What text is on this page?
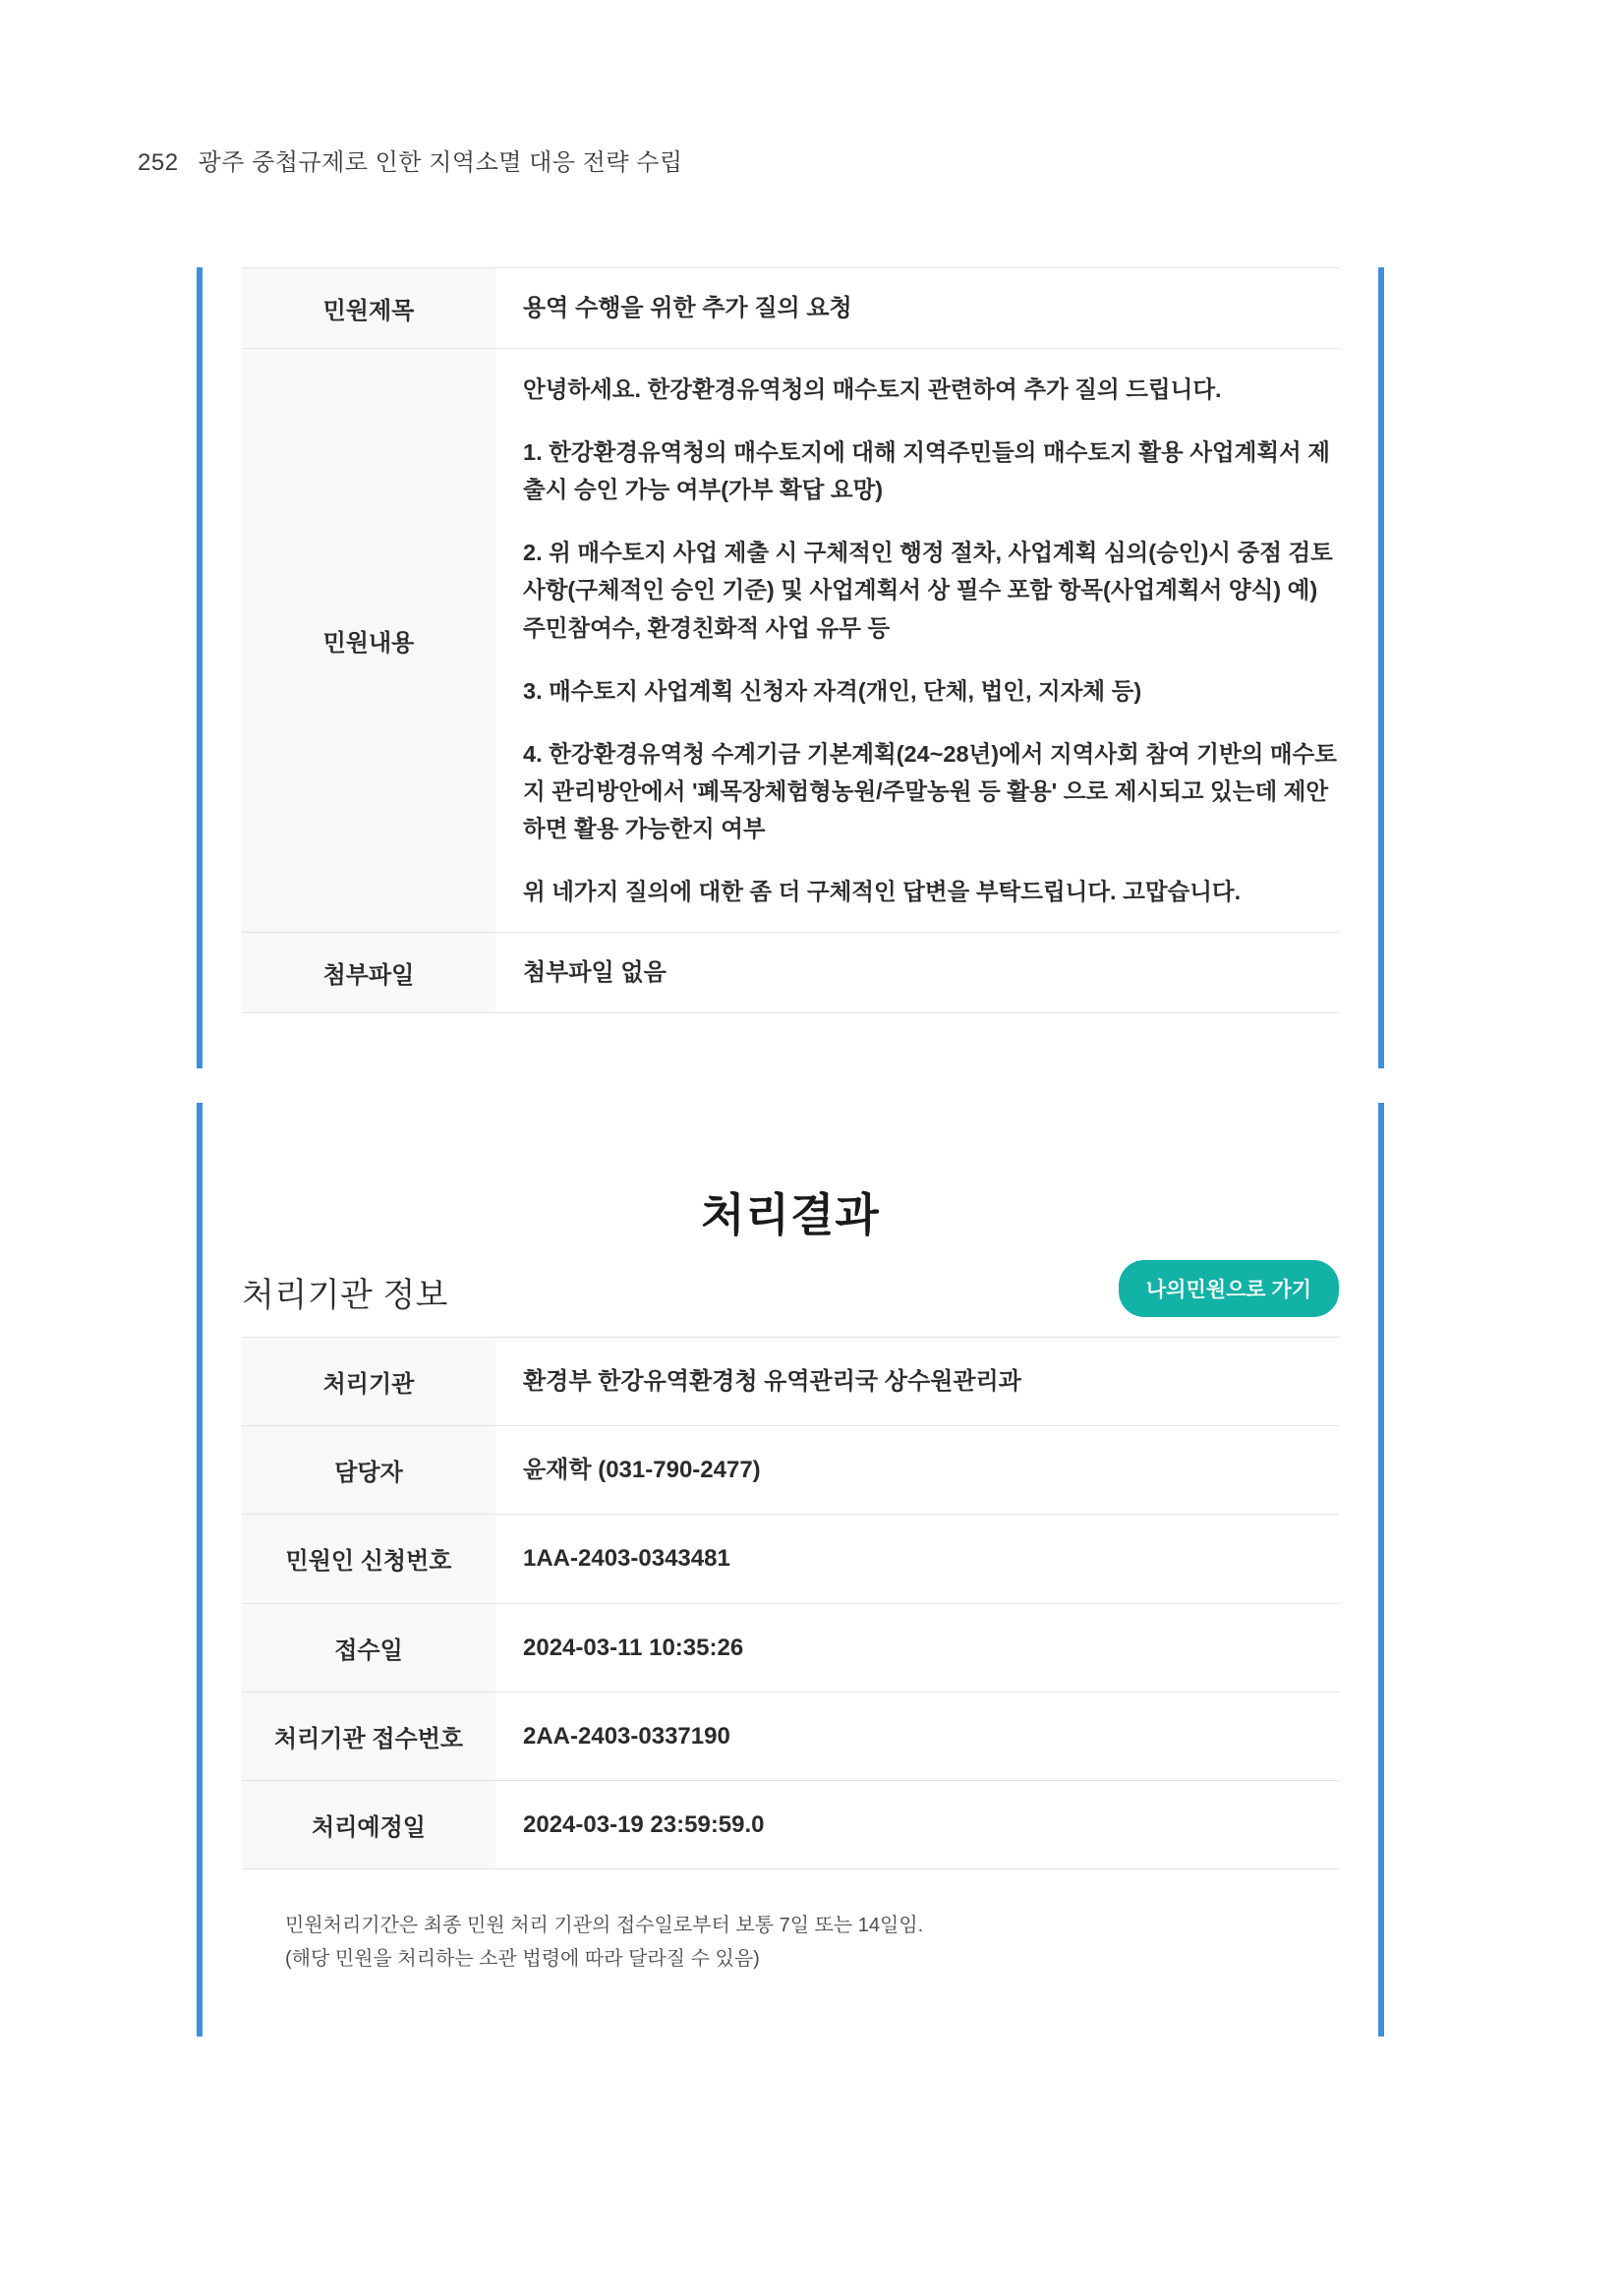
252 광주 중첩규제로 인한 지역소멸 대응 전략 수립
민원제목	용역 수행을 위한 추가 질의 요청
민원내용

안녕하세요. 한강환경유역청의 매수토지 관련하여 추가 질의 드립니다.

1. 한강환경유역청의 매수토지에 대해 지역주민들의 매수토지 활용 사업계획서 제출시 승인 가능 여부(가부 확답 요망)

2. 위 매수토지 사업 제출 시 구체적인 행정 절차, 사업계획 심의(승인)시 중점 검토사항(구체적인 승인 기준) 및 사업계획서 상 필수 포함 항목(사업계획서 양식) 예) 주민참여수, 환경친화적 사업 유무 등

3. 매수토지 사업계획 신청자 자격(개인, 단체, 법인, 지자체 등)

4. 한강환경유역청 수계기금 기본계획(24~28년)에서 지역사회 참여 기반의 매수토지 관리방안에서 '폐목장체험형농원/주말농원 등 활용' 으로 제시되고 있는데 제안하면 활용 가능한지 여부

위 네가지 질의에 대한 좀 더 구체적인 답변을 부탁드립니다. 고맙습니다.

첨부파일	첨부파일 없음
처리결과
처리기관 정보	나의민원으로 가기
처리기관	환경부 한강유역환경청 유역관리국 상수원관리과
담당자	윤재학 (031-790-2477)
민원인 신청번호	1AA-2403-0343481
접수일	2024-03-11 10:35:26
처리기관 접수번호	2AA-2403-0337190
처리예정일	2024-03-19 23:59:59.0
민원처리기간은 최종 민원 처리 기관의 접수일로부터 보통 7일 또는 14일임.
(해당 민원을 처리하는 소관 법령에 따라 달라질 수 있음)
